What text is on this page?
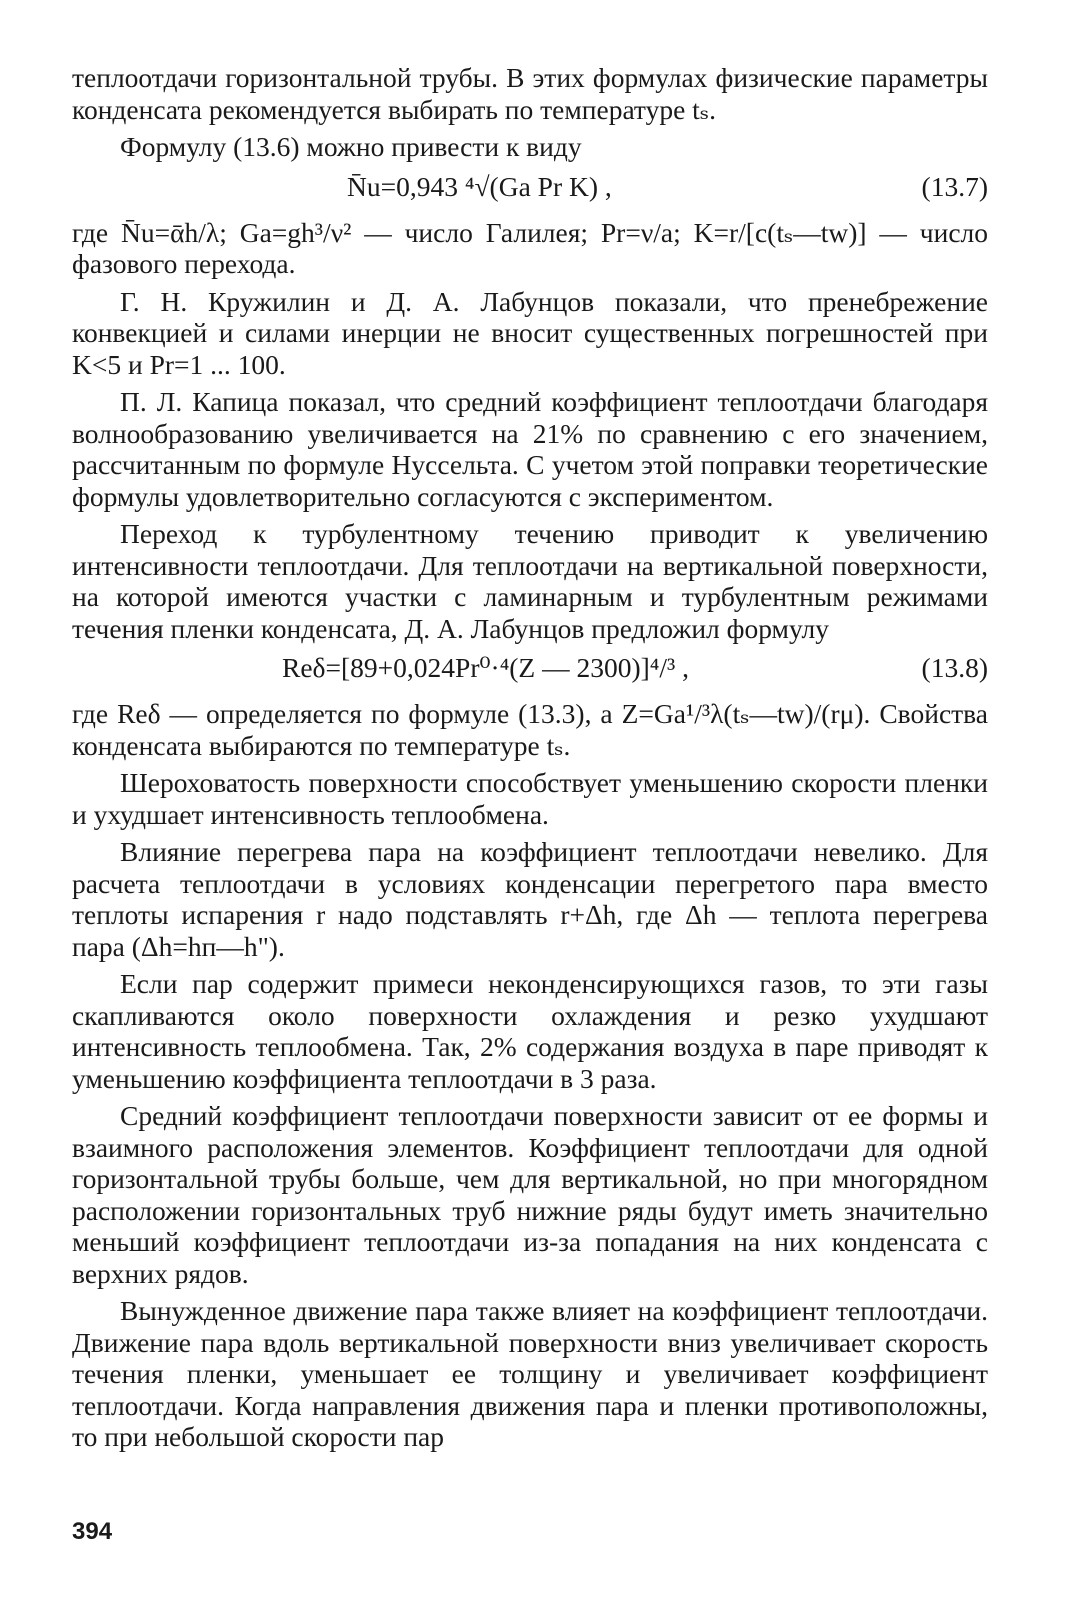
теплоотдачи горизонтальной трубы. В этих формулах физические параметры конденсата рекомендуется выбирать по температуре tₛ.

Формулу (13.6) можно привести к виду

N̄u=0,943 ⁴√(Ga Pr K) ,	(13.7)

где N̄u=ᾱh/λ; Ga=gh³/ν² — число Галилея; Pr=ν/a; K=r/[c(tₛ—tw)] — число фазового перехода.

Г. Н. Кружилин и Д. А. Лабунцов показали, что пренебрежение конвекцией и силами инерции не вносит существенных погрешностей при K<5 и Pr=1 ... 100.

П. Л. Капица показал, что средний коэффициент теплоотдачи благодаря волнообразованию увеличивается на 21% по сравнению с его значением, рассчитанным по формуле Нуссельта. С учетом этой поправки теоретические формулы удовлетворительно согласуются с экспериментом.

Переход к турбулентному течению приводит к увеличению интенсивности теплоотдачи. Для теплоотдачи на вертикальной поверхности, на которой имеются участки с ламинарным и турбулентным режимами течения пленки конденсата, Д. А. Лабунцов предложил формулу

Reδ=[89+0,024Pr⁰·⁴(Z — 2300)]⁴/³ ,	(13.8)

где Reδ — определяется по формуле (13.3), а Z=Ga¹/³λ(tₛ—tw)/(rμ). Свойства конденсата выбираются по температуре tₛ.

Шероховатость поверхности способствует уменьшению скорости пленки и ухудшает интенсивность теплообмена.

Влияние перегрева пара на коэффициент теплоотдачи невелико. Для расчета теплоотдачи в условиях конденсации перегретого пара вместо теплоты испарения r надо подставлять r+Δh, где Δh — теплота перегрева пара (Δh=hп—h").

Если пар содержит примеси неконденсирующихся газов, то эти газы скапливаются около поверхности охлаждения и резко ухудшают интенсивность теплообмена. Так, 2% содержания воздуха в паре приводят к уменьшению коэффициента теплоотдачи в 3 раза.

Средний коэффициент теплоотдачи поверхности зависит от ее формы и взаимного расположения элементов. Коэффициент теплоотдачи для одной горизонтальной трубы больше, чем для вертикальной, но при многорядном расположении горизонтальных труб нижние ряды будут иметь значительно меньший коэффициент теплоотдачи из-за попадания на них конденсата с верхних рядов.

Вынужденное движение пара также влияет на коэффициент теплоотдачи. Движение пара вдоль вертикальной поверхности вниз увеличивает скорость течения пленки, уменьшает ее толщину и увеличивает коэффициент теплоотдачи. Когда направления движения пара и пленки противоположны, то при небольшой скорости пар

394
